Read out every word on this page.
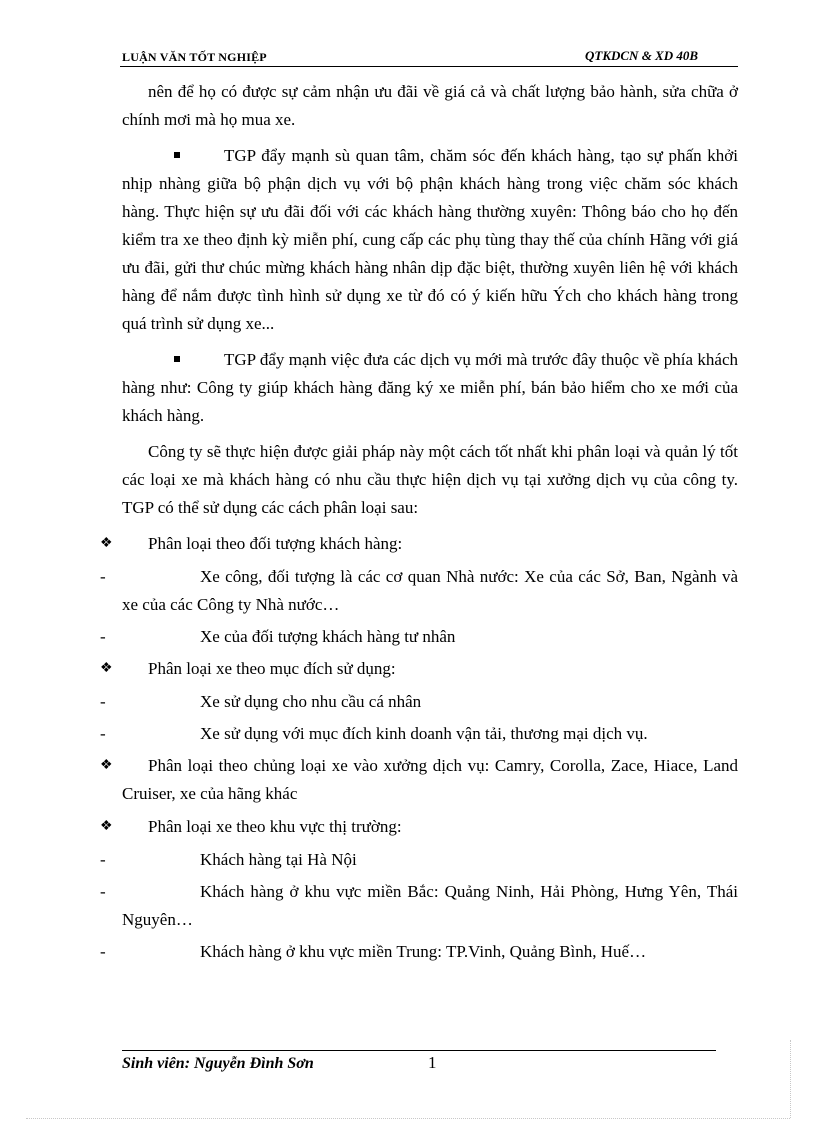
LUẬN VĂN TỐT NGHIỆP	QTKDCN & XD 40B

nên để họ có được sự cảm nhận ưu đãi về giá cả và chất lượng bảo hành, sửa chữa ở chính mơi mà họ mua xe.

TGP đẩy mạnh sù quan tâm, chăm sóc đến khách hàng, tạo sự phấn khởi nhịp nhàng giữa bộ phận dịch vụ với bộ phận khách hàng trong việc chăm sóc khách hàng. Thực hiện sự ưu đãi đối với các khách hàng thường xuyên: Thông báo cho họ đến kiểm tra xe theo định kỳ miễn phí, cung cấp các phụ tùng thay thế của chính Hãng với giá ưu đãi, gửi thư chúc mừng khách hàng nhân dịp đặc biệt, thường xuyên liên hệ với khách hàng để nắm được tình hình sử dụng xe từ đó có ý kiến hữu Ých cho khách hàng trong quá trình sử dụng xe...

TGP đẩy mạnh việc đưa các dịch vụ mới mà trước đây thuộc về phía khách hàng như: Công ty giúp khách hàng đăng ký xe miễn phí, bán bảo hiểm cho xe mới của khách hàng.

Công ty sẽ thực hiện được giải pháp này một cách tốt nhất khi phân loại và quản lý tốt các loại xe mà khách hàng có nhu cầu thực hiện dịch vụ tại xưởng dịch vụ của công ty. TGP có thể sử dụng các cách phân loại sau:

❖ Phân loại theo đối tượng khách hàng:
-	Xe công, đối tượng là các cơ quan Nhà nước: Xe của các Sở, Ban, Ngành và xe của các Công ty Nhà nước…
-	Xe của đối tượng khách hàng tư nhân
❖ Phân loại xe theo mục đích sử dụng:
-	Xe sử dụng cho nhu cầu cá nhân
-	Xe sử dụng với mục đích kinh doanh vận tải, thương mại dịch vụ.
❖	Phân loại theo chủng loại xe vào xưởng dịch vụ: Camry, Corolla, Zace, Hiace, Land Cruiser, xe của hãng khác
❖ Phân loại xe theo khu vực thị trường:
-	Khách hàng tại Hà Nội
-	Khách hàng ở khu vực miền Bắc: Quảng Ninh, Hải Phòng, Hưng Yên, Thái Nguyên…
-	Khách hàng ở khu vực miền Trung: TP.Vinh, Quảng Bình, Huế…
Sinh viên: Nguyễn Đình Sơn	1
